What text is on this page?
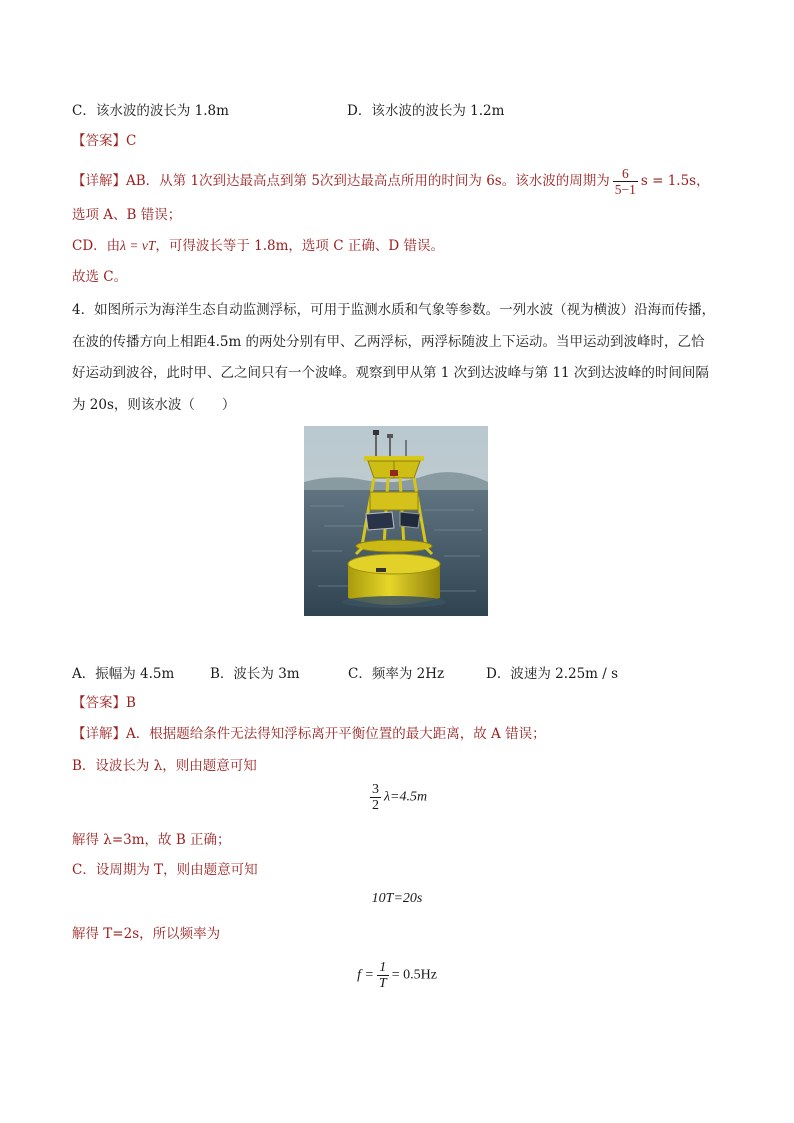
C．该水波的波长为 1.8m	D．该水波的波长为 1.2m
【答案】C
【详解】AB．从第 1次到达最高点到第 5次到达最高点所用的时间为 6s。该水波的周期为 $\frac{6}{5-1}$ s = 1.5s，
选项 A、B 错误；
CD．由λ = vT，可得波长等于 1.8m，选项 C 正确、D 错误。
故选 C。
4．如图所示为海洋生态自动监测浮标，可用于监测水质和气象等参数。一列水波（视为横波）沿海而传播，
在波的传播方向上相距4.5m 的两处分别有甲、乙两浮标，两浮标随波上下运动。当甲运动到波峰时，乙恰
好运动到波谷，此时甲、乙之间只有一个波峰。观察到甲从第 1 次到达波峰与第 11 次到达波峰的时间间隔
为 20s，则该水波（　　）
A．振幅为 4.5m	B．波长为 3m	C．频率为 2Hz	D．波速为 2.25m / s
【答案】B
【详解】A．根据题给条件无法得知浮标离开平衡位置的最大距离，故 A 错误；
B．设波长为 λ，则由题意可知
$\frac{3}{2} \lambda=4.5m$
解得 λ=3m，故 B 正确；
C．设周期为 T，则由题意可知
10T=20s
解得 T=2s，所以频率为
$f = \frac{1}{T} = 0.5Hz$
